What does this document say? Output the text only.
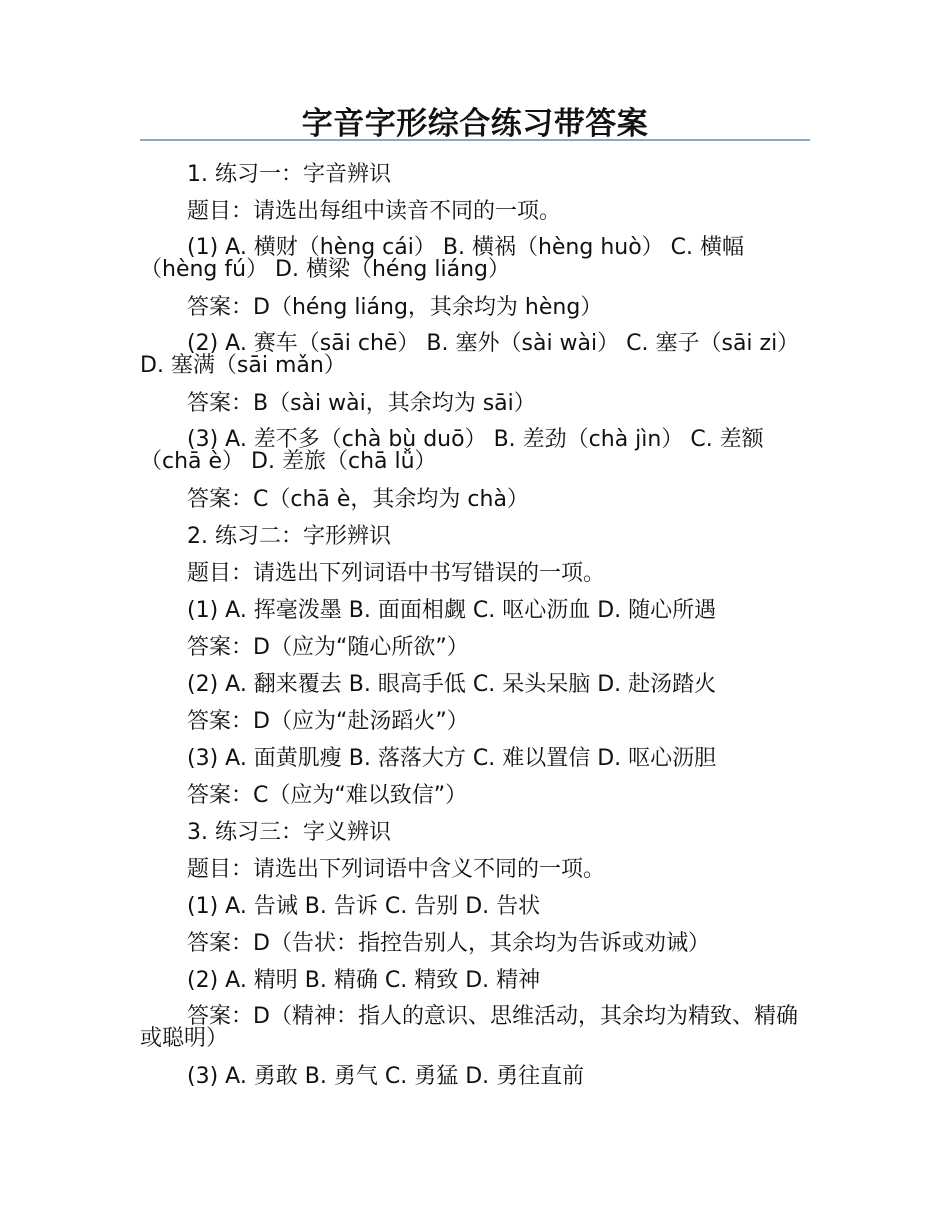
字音字形综合练习带答案

1. 练习一：字音辨识

题目：请选出每组中读音不同的一项。

(1) A. 横财（hèng cái） B. 横祸（hèng huò） C. 横幅（hèng fú） D. 横梁（héng liáng）

答案：D（héng liáng，其余均为 hèng）

(2) A. 赛车（sāi chē） B. 塞外（sài wài） C. 塞子（sāi zi） D. 塞满（sāi mǎn）

答案：B（sài wài，其余均为 sāi）

(3) A. 差不多（chà bù duō） B. 差劲（chà jìn） C. 差额（chā è） D. 差旅（chā lǚ）

答案：C（chā è，其余均为 chà）

2. 练习二：字形辨识

题目：请选出下列词语中书写错误的一项。

(1) A. 挥毫泼墨 B. 面面相觑 C. 呕心沥血 D. 随心所遇

答案：D（应为“随心所欲”）

(2) A. 翻来覆去 B. 眼高手低 C. 呆头呆脑 D. 赴汤踏火

答案：D（应为“赴汤蹈火”）

(3) A. 面黄肌瘦 B. 落落大方 C. 难以置信 D. 呕心沥胆

答案：C（应为“难以致信”）

3. 练习三：字义辨识

题目：请选出下列词语中含义不同的一项。

(1) A. 告诫 B. 告诉 C. 告别 D. 告状

答案：D（告状：指控告别人，其余均为告诉或劝诫）

(2) A. 精明 B. 精确 C. 精致 D. 精神

答案：D（精神：指人的意识、思维活动，其余均为精致、精确或聪明）

(3) A. 勇敢 B. 勇气 C. 勇猛 D. 勇往直前
